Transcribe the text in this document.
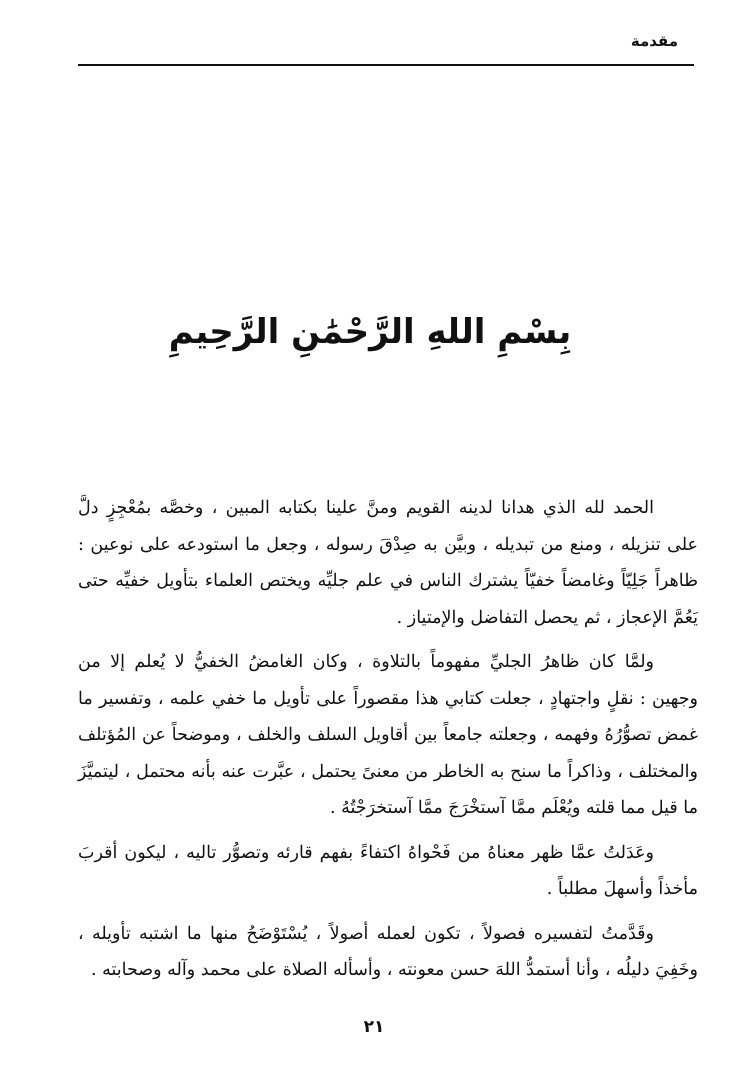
مقدمة
بِسْمِ اللهِ الرَّحْمَٰنِ الرَّحِيمِ

الحمد لله الذي هدانا لدينه القويم ومنَّ علينا بكتابه المبين ، وخصَّه بمُعْجِزٍ دلَّ على تنزيله ، ومنع من تبديله ، وبيَّن به صِدْقَ رسوله ، وجعل ما استودعه على نوعين : ظاهراً جَلِيّاً وغامضاً خفيّاً يشترك الناس في علم جليِّه ويختص العلماء بتأويل خفيِّه حتى يَعُمَّ الإعجاز ، ثم يحصل التفاضل والإمتياز .

ولمَّا كان ظاهرُ الجليِّ مفهوماً بالتلاوة ، وكان الغامضُ الخفيُّ لا يُعلم إلا من وجهين : نقلٍ واجتهادٍ ، جعلت كتابي هذا مقصوراً على تأويل ما خفي علمه ، وتفسير ما غمض تصوُّرُهُ وفهمه ، وجعلته جامعاً بين أقاويل السلف والخلف ، وموضحاً عن المُؤتلف والمختلف ، وذاكراً ما سنح به الخاطر من معنىً يحتمل ، عبَّرت عنه بأنه محتمل ، ليتميَّزَ ما قيل مما قلته ويُعْلَم ممَّا آستخْرَجَ ممَّا آستخرَجْتُهُ .

وعَدَلتُ عمَّا ظهر معناهُ من فَحْواهُ اكتفاءً بفهم قارئه وتصوُّر تاليه ، ليكون أقربَ مأخذاً وأسهلَ مطلباً .

وقَدَّمتُ لتفسيره فصولاً ، تكون لعمله أصولاً ، يُسْتَوْضَحُ منها ما اشتبه تأويله ، وخَفِيَ دليلُه ، وأنا أستمدُّ اللهَ حسن معونته ، وأسأله الصلاة على محمد وآله وصحابته .

٢١
